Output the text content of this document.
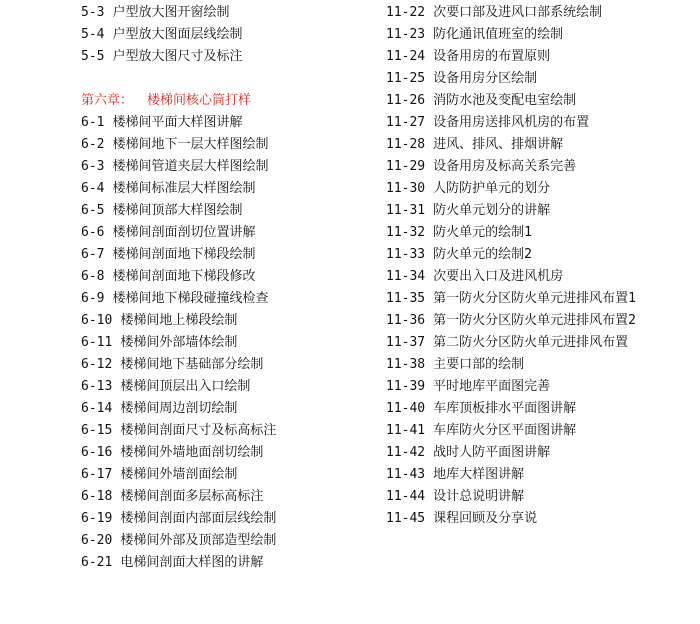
5-3 户型放大图开窗绘制
5-4 户型放大图面层线绘制
5-5 户型放大图尺寸及标注
第六章： 楼梯间核心筒打样
6-1 楼梯间平面大样图讲解
6-2 楼梯间地下一层大样图绘制
6-3 楼梯间管道夹层大样图绘制
6-4 楼梯间标准层大样图绘制
6-5 楼梯间顶部大样图绘制
6-6 楼梯间剖面剖切位置讲解
6-7 楼梯间剖面地下梯段绘制
6-8 楼梯间剖面地下梯段修改
6-9 楼梯间地下梯段碰撞线检查
6-10 楼梯间地上梯段绘制
6-11 楼梯间外部墙体绘制
6-12 楼梯间地下基础部分绘制
6-13 楼梯间顶层出入口绘制
6-14 楼梯间周边剖切绘制
6-15 楼梯间剖面尺寸及标高标注
6-16 楼梯间外墙地面剖切绘制
6-17 楼梯间外墙剖面绘制
6-18 楼梯间剖面多层标高标注
6-19 楼梯间剖面内部面层线绘制
6-20 楼梯间外部及顶部造型绘制
6-21 电梯间剖面大样图的讲解
11-22 次要口部及进风口部系统绘制
11-23 防化通讯值班室的绘制
11-24 设备用房的布置原则
11-25 设备用房分区绘制
11-26 消防水池及变配电室绘制
11-27 设备用房送排风机房的布置
11-28 进风、排风、排烟讲解
11-29 设备用房及标高关系完善
11-30 人防防护单元的划分
11-31 防火单元划分的讲解
11-32 防火单元的绘制1
11-33 防火单元的绘制2
11-34 次要出入口及进风机房
11-35 第一防火分区防火单元进排风布置1
11-36 第一防火分区防火单元进排风布置2
11-37 第二防火分区防火单元进排风布置
11-38 主要口部的绘制
11-39 平时地库平面图完善
11-40 车库顶板排水平面图讲解
11-41 车库防火分区平面图讲解
11-42 战时人防平面图讲解
11-43 地库大样图讲解
11-44 设计总说明讲解
11-45 课程回顾及分享说
